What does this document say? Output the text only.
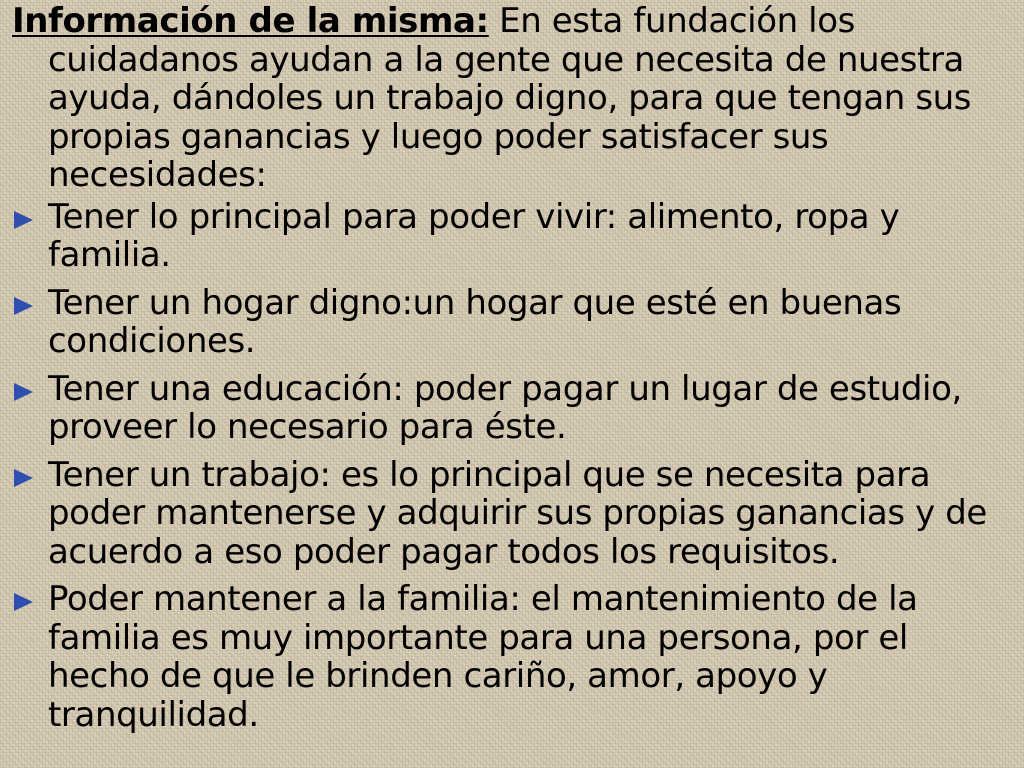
Información de la misma: En esta fundación los cuidadanos ayudan a la gente que necesita de nuestra ayuda, dándoles un trabajo digno, para que tengan sus propias ganancias y luego poder satisfacer sus necesidades:

Tener lo principal para poder vivir: alimento, ropa y familia.
Tener un hogar digno:un hogar que esté en buenas condiciones.
Tener una educación: poder pagar un lugar de estudio, proveer lo necesario para éste.
Tener un trabajo: es lo principal que se necesita para poder mantenerse y adquirir sus propias ganancias y de acuerdo a eso poder pagar todos los requisitos.
Poder mantener a la familia: el mantenimiento de la familia es muy importante para una persona, por el hecho de que le brinden cariño, amor, apoyo y tranquilidad.
